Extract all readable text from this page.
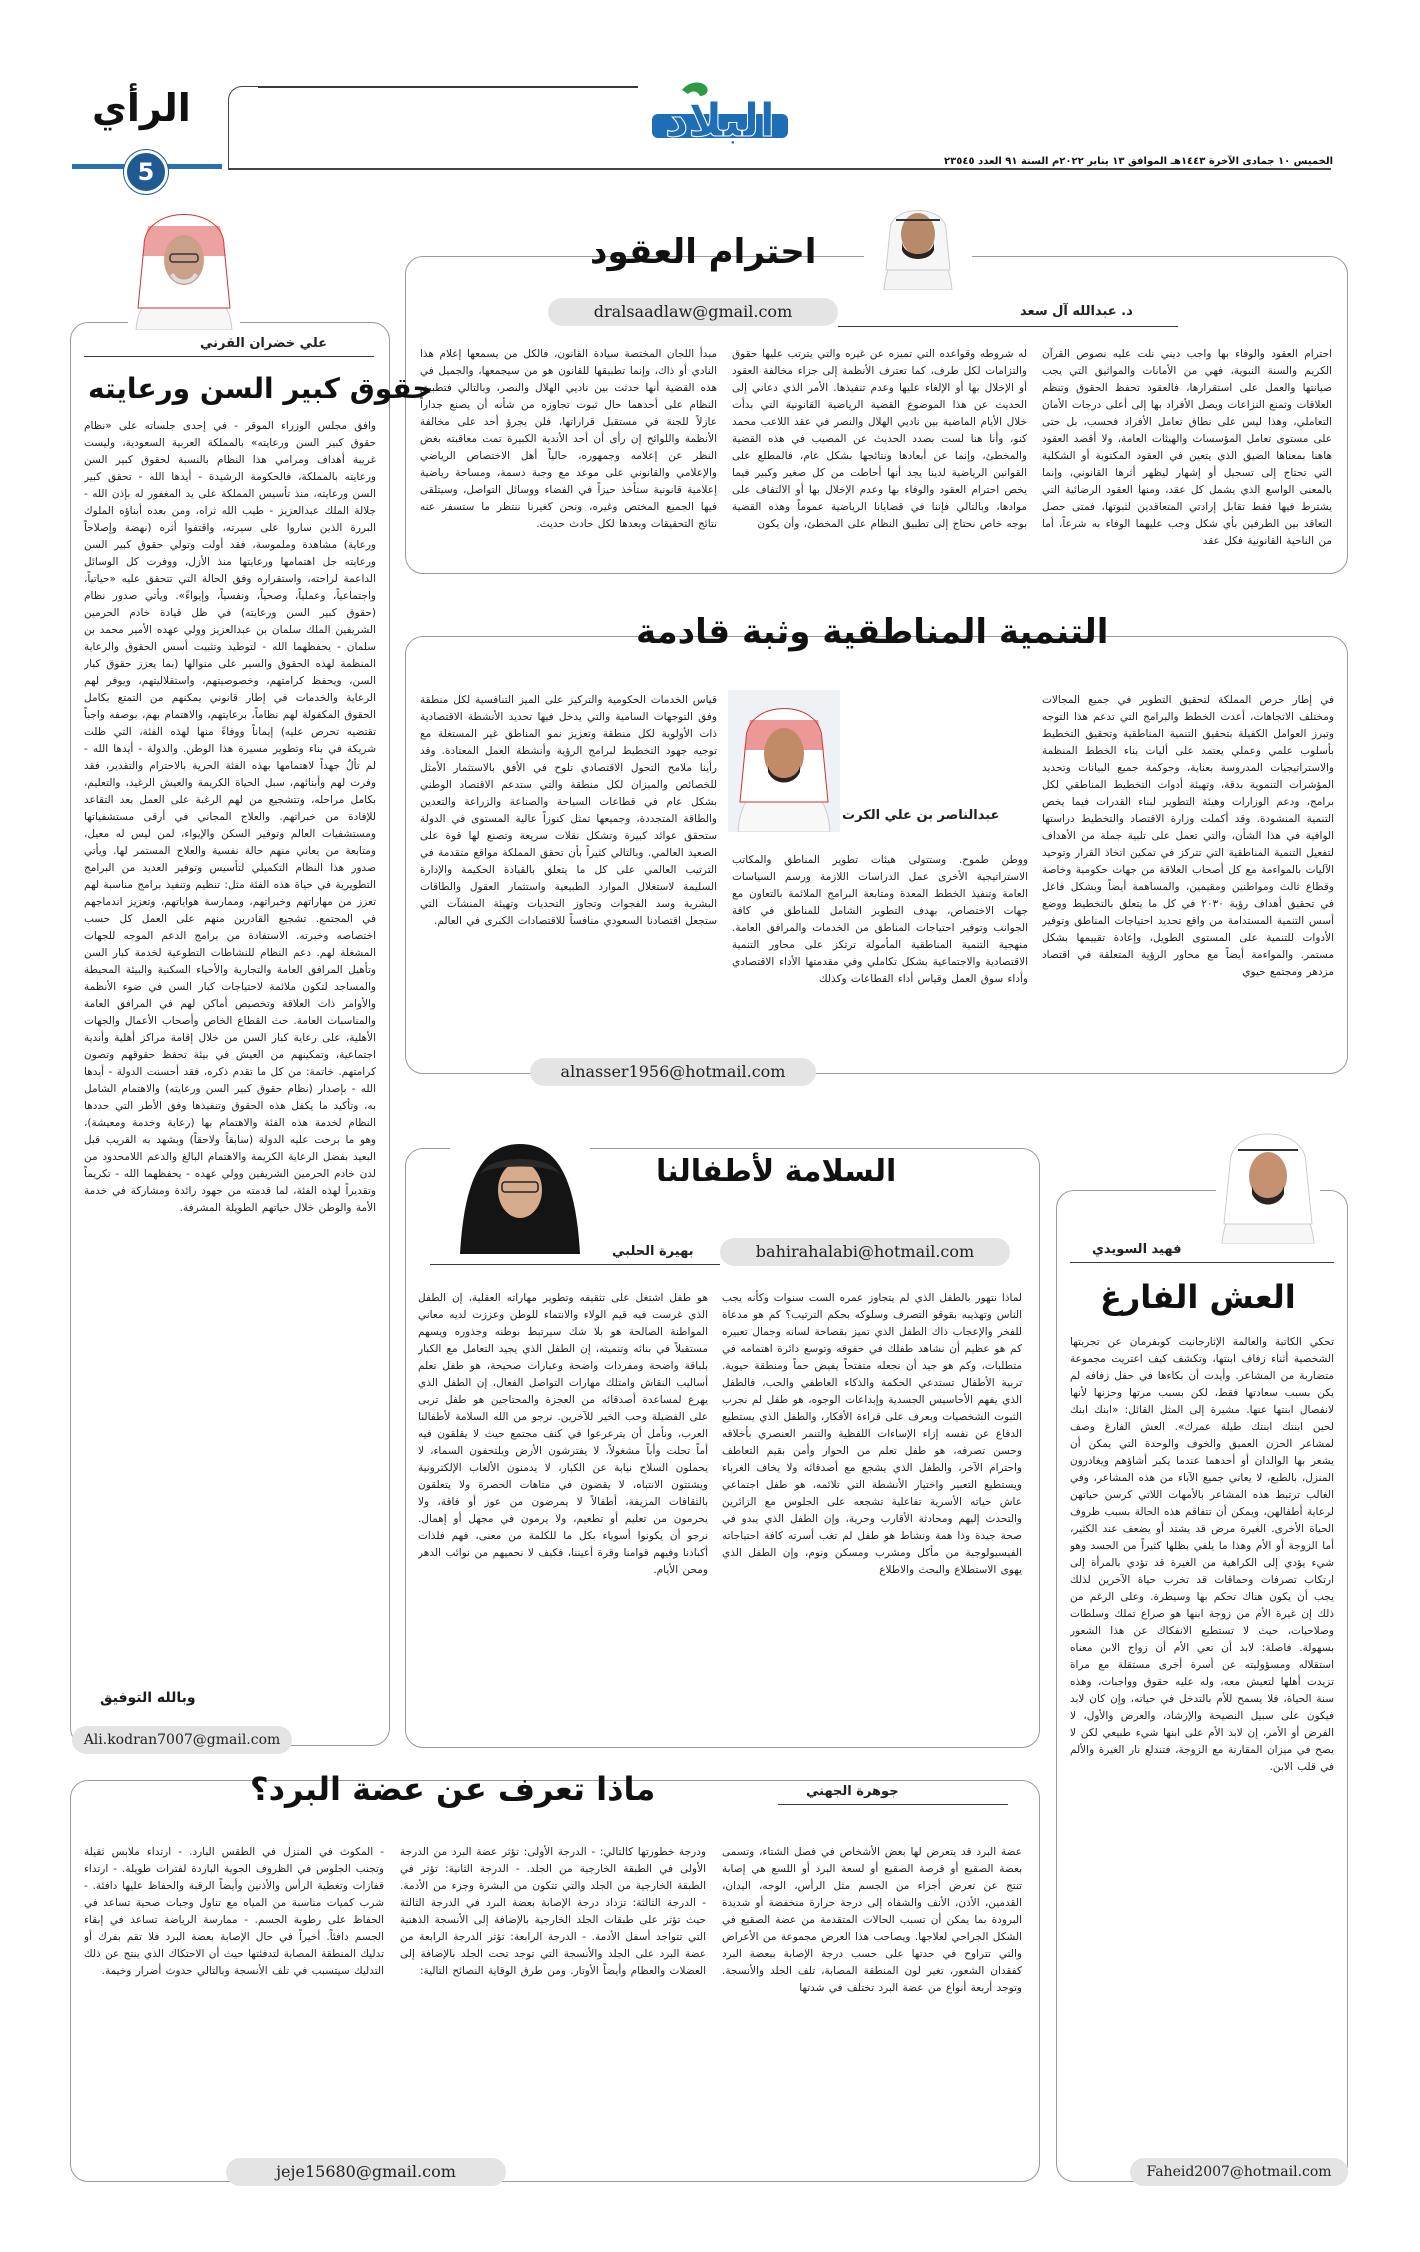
الرأي
5
البلاد
الخميس ١٠ جمادى الآخرة ١٤٤٣هـ الموافق ١٣ يناير ٢٠٢٢م السنة ٩١ العدد ٢٣٥٤٥
احترام العقود
dralsaadlaw@gmail.com	د. عبدالله آل سعد
احترام العقود والوفاء بها واجب ديني نلت عليه نصوص القرآن الكريم والسنة النبوية، فهي من الأمانات والمواثيق التي يجب صيانتها والعمل على استقرارها، فالعقود تحفظ الحقوق وتنظم العلاقات وتمنع النزاعات ويصل الأفراد بها إلى أعلى درجات الأمان التعاملي، وهذا ليس على نطاق تعامل الأفراد فحسب، بل حتى على مستوى تعامل المؤسسات والهيئات العامة، ولا أقصد العقود هاهنا بمعناها الضيق الذي يتعين في العقود المكتوبة أو الشكلية التي تحتاج إلى تسجيل أو إشهار ليظهر أثرها القانوني، وإنما بالمعنى الواسع الذي يشمل كل عقد، ومنها العقود الرضائية التي يشترط فيها فقط تقابل إرادتي المتعاقدين لثبوتها، فمتى حصل التعاقد بين الطرفين بأي شكل وجب عليهما الوفاء به شرعاً، أما من الناحية القانونية فكل عقد
له شروطه وقواعده التي تميزه عن غيره والتي يترتب عليها حقوق والتزامات لكل طرف، كما تعترف الأنظمة إلى جزاء مخالفة العقود أو الإخلال بها أو الإلغاء عليها وعدم تنفيذها. الأمر الذي دعاني إلى الحديث عن هذا الموضوع القضية الرياضية القانونية التي بدأت خلال الأيام الماضية بين ناديي الهلال والنصر في عقد اللاعب محمد كنو، وأنا هنا لست بصدد الحديث عن المصيب في هذه القضية والمخطئ، وإنما عن أبعادها ونتائجها بشكل عام، فالمطلع على القوانين الرياضية لدينا يجد أنها أحاطت من كل صغير وكبير فيما يخص احترام العقود والوفاء بها وعدم الإخلال بها أو الالتفاف على موادها، وبالتالي فإننا في قضايانا الرياضية عموماً وهذه القضية بوجه خاص نحتاج إلى تطبيق النظام على المخطئ، وأن يكون
مبدأ اللجان المختصة سيادة القانون، فالكل من يسمعها إعلام هذا النادي أو ذاك، وإنما تطبيقها للقانون هو من سيجمعها، والجميل في هذه القضية أنها حدثت بين ناديي الهلال والنصر، وبالتالي فتطبيق النظام على أحدهما حال ثبوت تجاوزه من شأنه أن يصنع جداراً عازلاً للجنة في مستقبل قراراتها، فلن يجرؤ أحد على مخالفة الأنظمة واللوائح إن رأى أن أحد الأندية الكبيرة تمت معاقبته بغض النظر عن إعلامه وجمهوره، حالياً أهل الاختصاص الرياضي والإعلامي والقانوني على موعد مع وجبة دسمة، ومساحة رياضية إعلامية قانونية ستأخذ حيزاً في الفضاء ووسائل التواصل، وسيتلقى فيها الجميع المختص وغيره، ونحن كغيرنا ننتظر ما ستسفر عنه نتائج التحقيقات وبعدها لكل حادث حديث.
التنمية المناطقية وثبة قادمة
عبدالناصر بن علي الكرت
في إطار حرص المملكة لتحقيق التطوير في جميع المجالات ومختلف الاتجاهات، أعدت الخطط والبرامج التي تدعم هذا التوجه وتبرز العوامل الكفيلة بتحقيق التنمية المناطقية وتحقيق التخطيط بأسلوب علمي وعملي يعتمد على أليات بناء الخطط المنظمة والاستراتيجيات المدروسة بعناية، وحوكمة جميع البيانات وتحديد المؤشرات التنموية بدقة، وتهيئة أدوات التخطيط المناطقي لكل برامج، ودعم الوزارات وهيئة التطوير لبناء القدرات فيما يخص التنمية المنشودة. وقد أكملت وزارة الاقتصاد والتخطيط دراستها الوافية في هذا الشأن، والتي تعمل على تلبية جملة من الأهداف لتفعيل التنمية المناطقية التي تتركز في تمكين اتخاذ القرار وتوحيد الآليات بالمواءمة مع كل أصحاب العلاقة من جهات حكومية وخاصة وقطاع ثالث ومواطنين ومقيمين، والمساهمة أيضاً وبشكل فاعل في تحقيق أهداف رؤية ٢٠٣٠ في كل ما يتعلق بالتخطيط ووضع أسس التنمية المستدامة من واقع تحديد احتياجات المناطق وتوفير الأدوات للتنمية على المستوى الطويل، وإعادة تقييمها بشكل مستمر. والمواءمة أيضاً مع محاور الرؤية المتعلقة في اقتصاد مزدهر ومجتمع حيوي
ووطن طموح. وستتولى هيئات تطوير المناطق والمكاتب الاستراتيجية الأخرى عمل الدراسات اللازمة ورسم السياسات العامة وتنفيذ الخطط المعدة ومتابعة البرامج الملائمة بالتعاون مع جهات الاختصاص، بهدف التطوير الشامل للمناطق في كافة الجوانب وتوفير احتياجات المناطق من الخدمات والمرافق العامة. منهجية التنمية المناطقية المأمولة ترتكز على محاور التنمية الاقتصادية والاجتماعية بشكل تكاملي وفي مقدمتها الأداء الاقتصادي وأداء سوق العمل وقياس أداء القطاعات وكذلك
قياس الخدمات الحكومية والتركيز على الميز التنافسية لكل منطقة وفق التوجهات السامية والتي يدخل فيها تحديد الأنشطة الاقتصادية ذات الأولوية لكل منطقة وتعزيز نمو المناطق غير المستغلة مع توجيه جهود التخطيط لبرامج الرؤية وأنشطة العمل المعتادة. وقد رأينا ملامح التحول الاقتصادي تلوح في الأفق بالاستثمار الأمثل للخصائص والميزان لكل منطقة والتي ستدعم الاقتصاد الوطني بشكل عام في قطاعات السياحة والصناعة والزراعة والتعدين والطاقة المتجددة، وجميعها تمثل كنوزاً عالية المستوى في الدولة ستحقق عوائد كبيرة وتشكل نقلات سريعة وتصنع لها قوة على الصعيد العالمي. وبالتالي كثيراً بأن تحقق المملكة مواقع متقدمة في الترتيب العالمي على كل ما يتعلق بالقيادة الحكيمة والإدارة السليمة لاستغلال الموارد الطبيعية واستثمار العقول والطاقات البشرية وسد الفجوات وتجاوز التحديات وتهيئة المنشآت التي ستجعل اقتصادنا السعودي منافساً للاقتصادات الكبرى في العالم.
alnasser1956@hotmail.com
علي خضران القرني
حقوق كبير السن ورعايته
وافق مجلس الوزراء الموقر - في إحدى جلساته على «نظام حقوق كبير السن ورعايته» بالمملكة العربية السعودية، وليست غريبة أهداف ومرامي هذا النظام بالنسبة لحقوق كبير السن ورعايته بالمملكة، فالحكومة الرشيدة - أيدها الله - تحقق كبير السن ورعايته، منذ تأسيس المملكة على يد المغفور له بإذن الله - جلالة الملك عبدالعزيز - طيب الله ثراه، ومن بعده أبناؤه الملوك البررة الذين ساروا على سيرته، واقتفوا أثره (نهضة وإصلاحاً ورعاية) مشاهدة وملموسة، فقد أولت وتولي حقوق كبير السن ورعايته جل اهتمامها ورعايتها منذ الأزل، ووفرت كل الوسائل الداعمة لراحته، واستقراره وفق الحالة التي تتحقق عليه «حياتياً، واجتماعياً، وعملياً، وصحياً، ونفسياً، وإيواءً». ويأتي صدور نظام (حقوق كبير السن ورعايته) في ظل قيادة خادم الحرمين الشريفين الملك سلمان بن عبدالعزيز وولي عهده الأمير محمد بن سلمان - يحفظهما الله - لتوطيد وتثبيت أسس الحقوق والرعاية المنظمة لهذه الحقوق والسير على منوالها (بما يعزز حقوق كبار السن، ويحفظ كرامتهم، وخصوصيتهم، واستقلاليتهم، ويوفر لهم الرعاية والخدمات في إطار قانوني يمكنهم من التمتع بكامل الحقوق المكفولة لهم نظاماً، برعايتهم، والاهتمام بهم، بوصفه واجباً تقتضيه تحرص عليه) إيماناً ووفاءً منها لهذه الفئة، التي ظلت شريكة في بناء وتطوير مسيرة هذا الوطن. والدولة - أيدها الله - لم تألُ جهداً لاهتمامها بهذه الفئة الحرية بالاحترام والتقدير، فقد وفرت لهم وأبنائهم، سبل الحياة الكريمة والعيش الرغيد، والتعليم، بكامل مراحله، وتتشجيع من لهم الرغبة على العمل بعد التقاعد للإفادة من خبراتهم. والعلاج المجاني في أرقى مستشفياتها ومستشفيات العالم وتوفير السكن والإيواء، لمن ليس له معيل، ومتابعة من يعاني منهم حالة نفسية والعلاج المستمر لها. ويأتي صدور هذا النظام التكميلي لتأسيس وتوفير العديد من البرامج التطويرية في حياة هذه الفئة مثل: تنظيم وتنفيذ برامج مناسبة لهم تعزز من مهاراتهم وخبراتهم، وممارسة هواياتهم، وتعزيز اندماجهم في المجتمع. تشجيع القادرين منهم على العمل كل حسب اختصاصه وخبرته. الاستفادة من برامج الدعم الموجه للجهات المشغلة لهم. دعم النظام للنشاطات التطوعية لخدمة كبار السن وتأهيل المرافق العامة والتجارية والأحياء السكنية والبيئة المحيطة والمساجد لتكون ملائمة لاحتياجات كبار السن في ضوء الأنظمة والأوامر ذات العلاقة وتخصيص أماكن لهم في المرافق العامة والمناسبات العامة. حث القطاع الخاص وأصحاب الأعمال والجهات الأهلية، على رعاية كبار السن من خلال إقامة مراكز أهلية وأندية اجتماعية، وتمكينهم من العيش في بيئة تحفظ حقوقهم وتصون كرامتهم. خاتمة: من كل ما تقدم ذكره، فقد أحسنت الدولة - أيدها الله - بإصدار (نظام حقوق كبير السن ورعايته) والاهتمام الشامل به، وتأكيد ما يكفل هذه الحقوق وتنفيذها وفق الأطر التي حددها النظام لخدمة هذه الفئة والاهتمام بها (رعاية وخدمة ومعيشة)، وهو ما برحت عليه الدولة (سابقاً ولاحقاً) وبشهد به القريب قبل البعيد بفضل الرعاية الكريمة والاهتمام البالغ والدعم اللامحدود من لدن خادم الحرمين الشريفين وولي عهده - يحفظهما الله - تكريماً وتقديراً لهذه الفئة، لما قدمته من جهود رائدة ومشاركة في خدمة الأمة والوطن خلال حياتهم الطويلة المشرفة.
وبالله التوفيق
Ali.kodran7007@gmail.com
السلامة لأطفالنا
bahirahalabi@hotmail.com
بهيرة الحلبي
لماذا نتهور بالطفل الذي لم يتجاوز عمره الست سنوات وكأنه يجب الناس وتهذيبه بقوقو التصرف وسلوكه بحكم الترتيب؟ كم هو مدعاة للفخر والإعجاب ذاك الطفل الذي تميز بقصاحة لسانه وجمال تعبيره كم هو عظيم أن نشاهد طفلك في حفوقه وتوسع دائرة اهتمامه في متطلبات، وكم هو جيد أن نجعله متفتحاً يفيض حماً ومنطقة حيوية. تربية الأطفال تستدعي الحكمة والذكاء العاطفي والحب، فالطفل الذي يفهم الأحاسيس الجسدية وإبداعات الوجوه، هو طفل لم نجرب الثبوت الشخصيات وبعرف على قراءة الأفكار، والطفل الذي يستطيع الدفاع عن نفسه إزاء الإساءات اللفظية والتنمر العنصري بأخلاقه وحسن تصرفه، هو طفل تعلم من الحوار وأمن بقيم التعاطف واحترام الآخر، والطفل الذي يشجع مع أصدقائه ولا يخاف الغرباء ويستطيع التعبير واختيار الأنشطة التي تلائمه، هو طفل اجتماعي عاش حياته الأسرية تفاعلية تشجعه على الجلوس مع الزائرين والتحدث إليهم ومحادثة الأقارب وحرية، وإن الطفل الذي يبدو في صحة جيدة وذا همة ونشاط هو طفل لم تغب أسرته كافة احتياجاته الفيسيولوجية من مأكل ومشرب ومسكن ونوم، وإن الطفل الذي يهوى الاستطلاع والبحث والاطلاع
هو طفل اشتغل على تثقيفه وتطوير مهاراته العقلية، إن الطفل الذي غرست فيه قيم الولاء والانتماء للوطن وعززت لديه معاني المواطنة الصالحة هو بلا شك سيرتبط بوطنه وجذوره ويسهم مستقبلاً في بنائه وتنميته، إن الطفل الذي يجيد التعامل مع الكبار بلباقة واضحة ومفردات واضحة وعبارات صحيحة، هو طفل تعلم أساليب النقاش وامتلك مهارات التواصل الفعال، إن الطفل الذي يهرع لمساعدة أصدقائه من العجزة والمحتاجين هو طفل تربى على الفضيلة وحب الخير للآخرين. نرجو من الله السلامة لأطفالنا العرب، ونأمل أن يترعرعوا في كنف مجتمع حيث لا يقلقون فيه أماً تحلت وأباً مشغولاً، لا يفترشون الأرض ويلتحفون السماء، لا يحملون السلاح نيابة عن الكبار، لا يدمنون الألعاب الإلكترونية ويشتتون الانتباه، لا يقضون في متاهات الحصرة ولا يتعلقون بالثقافات المزيفة، أطفالاً لا يمرضون من عوز أو فاقة، ولا يحرمون من تعليم أو تطعيم، ولا يرمون في مجهل أو إهمال. نرجو أن يكونوا أسوياء بكل ما للكلمة من معنى، فهم فلذات أكبادنا وفيهم قوامنا وقرة أعيننا، فكيف لا نحميهم من نوائب الدهر ومحن الأيام.
فهيد السويدي
العش الفارغ
تحكي الكاتبة والعالمة الإثارجانيت كوبفرمان عن تجربتها الشخصية أثناء زفاف ابنتها، وتكشف كيف اعتريت مجموعة متضاربة من المشاعر. وأيدت أن بكاءها في حفل زفافه لم يكن بسبب سعادتها فقط، لكن بسبب مرتها وحزنها لأنها لانفصال ابنتها عنها. مشيرة إلى المثل القائل: «ابنك ابنك لحين ابنتك ابنتك طيلة عمرك». العش الفارغ وصف لمشاعر الحزن العميق والخوف والوحدة التي يمكن أن يشعر بها الوالدان أو أحدهما عندما يكبر أشاؤهم ويغادرون المنزل، بالطبع، لا يعاني جميع الآباء من هذه المشاعر، وفي الغالب ترتبط هذه المشاعر بالأمهات اللاتي كرسن حياتهن لرعاية أطفالهن، ويمكن أن تتفاقم هذه الحالة بسبب ظروف الحياة الأخرى. الغيرة مرض قد يشتد أو يضعف عند الكثير، أما الزوجة أو الأم وهذا ما يلفي بظلها كثيراً من الحسد وهو شيء يؤدي إلى الكراهية من الغيرة قد تؤدي بالمرأة إلى ارتكاب تصرفات وحماقات قد تخرب حياة الآخرين لذلك يجب أن يكون هناك تحكم بها وسيطرة. وعلى الرغم من ذلك إن غيرة الأم من زوجة ابنها هو صراع تملك وسلطات وصلاحيات، حيث لا تستطيع الانفكاك عن هذا الشعور بسهولة. فاصلة: لابد أن تعي الأم أن زواج الابن معناه استقلاله ومسؤوليته عن أسرة أخرى مستقلة مع مراة تزيدت أهلها لتعيش معه، وله عليه حقوق وواجبات، وهذه سنة الحياة، فلا يسمح للأم بالتدخل في حياته، وإن كان لابد فيكون على سبيل النصيحة والإرشاد، والعرض والأول، لا الفرض أو الأمر، إن لابد الأم على ابنها شيء طبيعي لكن لا يصح في ميزان المقارنة مع الزوجة، فتندلع نار الغيرة والألم في قلب الابن.
Faheid2007@hotmail.com
ماذا تعرف عن عضة البرد؟	جوهرة الجهني
عضة البرد قد يتعرض لها بعض الأشخاص في فصل الشتاء، وتسمى بعضة الصقيع أو قرصة الصقيع أو لسعة البرد أو اللسع هي إصابة تنتج عن تعرض أجزاء من الجسم مثل الرأس، الوجه، اليدان، القدمين، الأذن، الأنف والشفاه إلى درجة حرارة منخفضة أو شديدة البرودة بما يمكن أن تسبب الحالات المتقدمة من عضة الصقيع في الشكل الجراحي لعلاجها. ويصاحب هذا العرض مجموعة من الأعراض والتي تتراوح في حدتها على حسب درجة الإصابة ببعضة البرد كفقدان الشعور، تغير لون المنطقة المصابة، تلف الجلد والأنسجة. وتوجد أربعة أنواع من عضة البرد تختلف في شدتها
ودرجة خطورتها كالتالي: - الدرجة الأولى: تؤثر عضة البرد من الدرجة الأولى في الطبقة الخارجية من الجلد. - الدرجة الثانية: تؤثر في الطبقة الخارجية من الجلد والتي تتكون من البشرة وجزء من الأدمة. - الدرجة الثالثة: تزداد درجة الإصابة بعضة البرد في الدرجة الثالثة حيث تؤثر على طبقات الجلد الخارجية بالإضافة إلى الأنسجة الذهنية التي تتواجد أسفل الأدمة. - الدرجة الرابعة: تؤثر الدرجة الرابعة من عضة البرد على الجلد والأنسجة التي توجد تحت الجلد بالإضافة إلى العضلات والعظام وأيضاً الأوتار. ومن طرق الوقاية النصائح التالية:
- المكوث في المنزل في الطقس البارد. - ارتداء ملابس ثقيلة وتجنب الجلوس في الظروف الجوية الباردة لفترات طويلة. - ارتداء قفازات وتغطية الرأس والأذنين وأيضاً الرقبة والحفاظ عليها دافئة. - شرب كميات مناسبة من المياه مع تناول وجبات صحية تساعد في الحفاظ على رطوبة الجسم. - ممارسة الرياضة تساعد في إبقاء الجسم دافئاً. أخيراً في حال الإصابة بعضة البرد فلا تقم بفرك أو تدليك المنطقة المصابة لتدفئتها حيث أن الاحتكاك الذي ينتج عن ذلك التدليك سيتسبب في تلف الأنسجة وبالتالي حدوث أضرار وخيمة.
jeje15680@gmail.com
